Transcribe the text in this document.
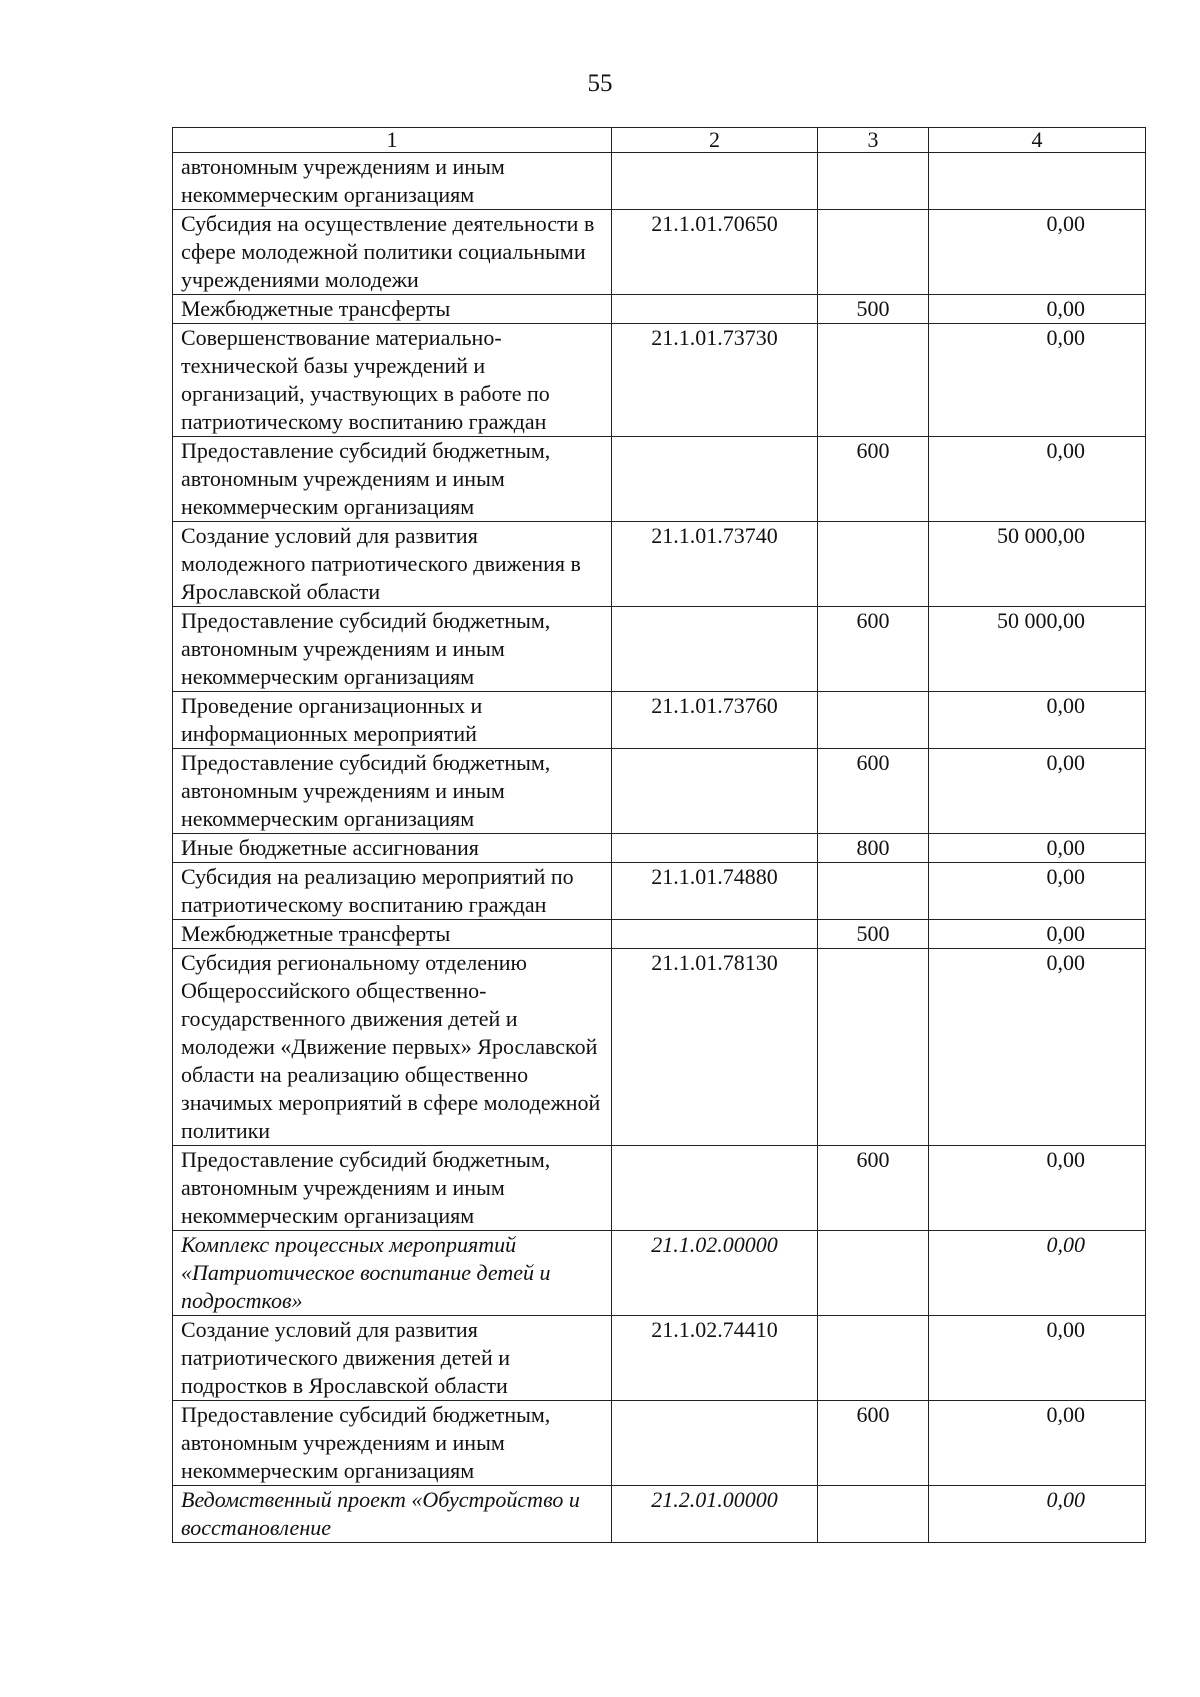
55
1	2	3	4
автономным учреждениям и иным некоммерческим организациям			
Субсидия на осуществление деятельности в сфере молодежной политики социальными учреждениями молодежи	21.1.01.70650		0,00
Межбюджетные трансферты		500	0,00
Совершенствование материально-технической базы учреждений и организаций, участвующих в работе по патриотическому воспитанию граждан	21.1.01.73730		0,00
Предоставление субсидий бюджетным, автономным учреждениям и иным некоммерческим организациям		600	0,00
Создание условий для развития молодежного патриотического движения в Ярославской области	21.1.01.73740		50 000,00
Предоставление субсидий бюджетным, автономным учреждениям и иным некоммерческим организациям		600	50 000,00
Проведение организационных и информационных мероприятий	21.1.01.73760		0,00
Предоставление субсидий бюджетным, автономным учреждениям и иным некоммерческим организациям		600	0,00
Иные бюджетные ассигнования		800	0,00
Субсидия на реализацию мероприятий по патриотическому воспитанию граждан	21.1.01.74880		0,00
Межбюджетные трансферты		500	0,00
Субсидия региональному отделению Общероссийского общественно-государственного движения детей и молодежи «Движение первых» Ярославской области на реализацию общественно значимых мероприятий в сфере молодежной политики	21.1.01.78130		0,00
Предоставление субсидий бюджетным, автономным учреждениям и иным некоммерческим организациям		600	0,00
Комплекс процессных мероприятий «Патриотическое воспитание детей и подростков»	21.1.02.00000		0,00
Создание условий для развития патриотического движения детей и подростков в Ярославской области	21.1.02.74410		0,00
Предоставление субсидий бюджетным, автономным учреждениям и иным некоммерческим организациям		600	0,00
Ведомственный проект «Обустройство и восстановление	21.2.01.00000		0,00
